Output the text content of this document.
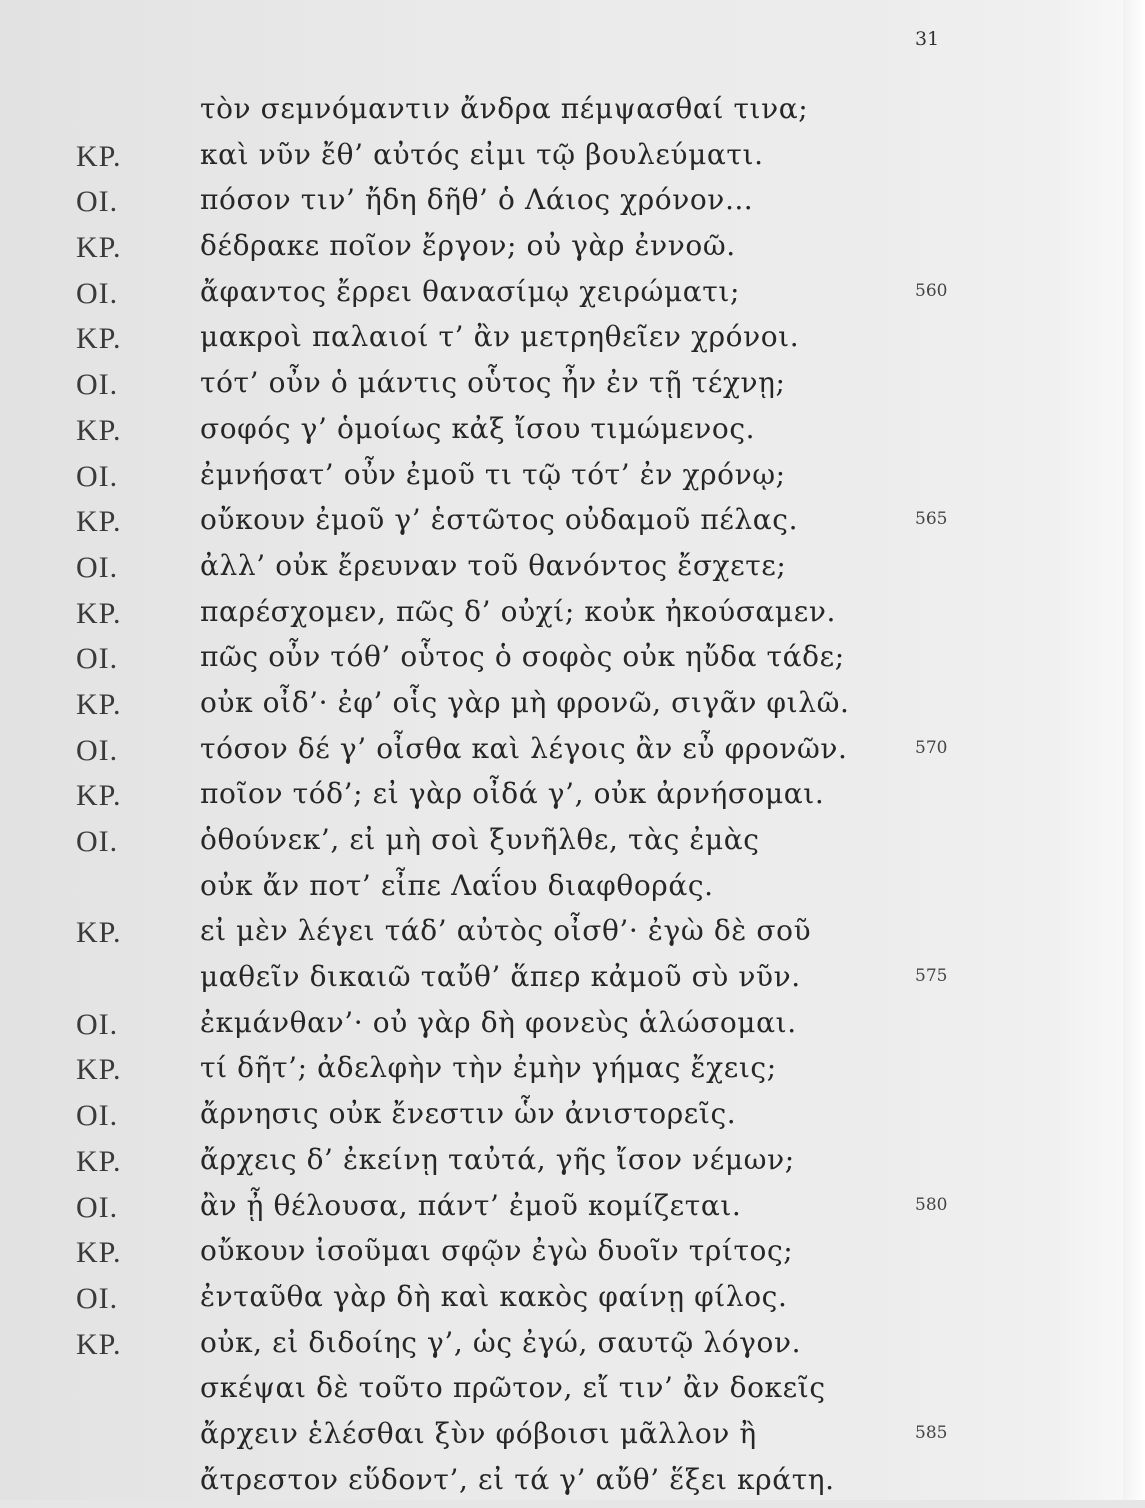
31
τὸν σεμνόμαντιν ἄνδρα πέμψασθαί τινα;
ΚΡ.	καὶ νῦν ἔθ’ αὐτός εἰμι τῷ βουλεύματι.
ΟΙ.	πόσον τιν’ ἤδη δῆθ’ ὁ Λάιος χρόνον…
ΚΡ.	δέδρακε ποῖον ἔργον; οὐ γὰρ ἐννοῶ.
ΟΙ.	ἄφαντος ἔρρει θανασίμῳ χειρώματι;	560
ΚΡ.	μακροὶ παλαιοί τ’ ἂν μετρηθεῖεν χρόνοι.
ΟΙ.	τότ’ οὖν ὁ μάντις οὗτος ἦν ἐν τῇ τέχνῃ;
ΚΡ.	σοφός γ’ ὁμοίως κἀξ ἴσου τιμώμενος.
ΟΙ.	ἐμνήσατ’ οὖν ἐμοῦ τι τῷ τότ’ ἐν χρόνῳ;
ΚΡ.	οὔκουν ἐμοῦ γ’ ἑστῶτος οὐδαμοῦ πέλας.	565
ΟΙ.	ἀλλ’ οὐκ ἔρευναν τοῦ θανόντος ἔσχετε;
ΚΡ.	παρέσχομεν, πῶς δ’ οὐχί; κοὐκ ἠκούσαμεν.
ΟΙ.	πῶς οὖν τόθ’ οὗτος ὁ σοφὸς οὐκ ηὔδα τάδε;
ΚΡ.	οὐκ οἶδ’· ἐφ’ οἷς γὰρ μὴ φρονῶ, σιγᾶν φιλῶ.
ΟΙ.	τόσον δέ γ’ οἶσθα καὶ λέγοις ἂν εὖ φρονῶν.	570
ΚΡ.	ποῖον τόδ’; εἰ γὰρ οἶδά γ’, οὐκ ἀρνήσομαι.
ΟΙ.	ὁθούνεκ’, εἰ μὴ σοὶ ξυνῆλθε, τὰς ἐμὰς
οὐκ ἄν ποτ’ εἶπε Λαΐου διαφθοράς.
ΚΡ.	εἰ μὲν λέγει τάδ’ αὐτὸς οἶσθ’· ἐγὼ δὲ σοῦ
μαθεῖν δικαιῶ ταὔθ’ ἅπερ κἀμοῦ σὺ νῦν.	575
ΟΙ.	ἐκμάνθαν’· οὐ γὰρ δὴ φονεὺς ἁλώσομαι.
ΚΡ.	τί δῆτ’; ἀδελφὴν τὴν ἐμὴν γήμας ἔχεις;
ΟΙ.	ἄρνησις οὐκ ἔνεστιν ὧν ἀνιστορεῖς.
ΚΡ.	ἄρχεις δ’ ἐκείνῃ ταὐτά, γῆς ἴσον νέμων;
ΟΙ.	ἂν ᾖ θέλουσα, πάντ’ ἐμοῦ κομίζεται.	580
ΚΡ.	οὔκουν ἰσοῦμαι σφῷν ἐγὼ δυοῖν τρίτος;
ΟΙ.	ἐνταῦθα γὰρ δὴ καὶ κακὸς φαίνῃ φίλος.
ΚΡ.	οὐκ, εἰ διδοίης γ’, ὡς ἐγώ, σαυτῷ λόγον.
σκέψαι δὲ τοῦτο πρῶτον, εἴ τιν’ ἂν δοκεῖς
ἄρχειν ἑλέσθαι ξὺν φόβοισι μᾶλλον ἢ	585
ἄτρεστον εὕδοντ’, εἰ τά γ’ αὔθ’ ἕξει κράτη.
